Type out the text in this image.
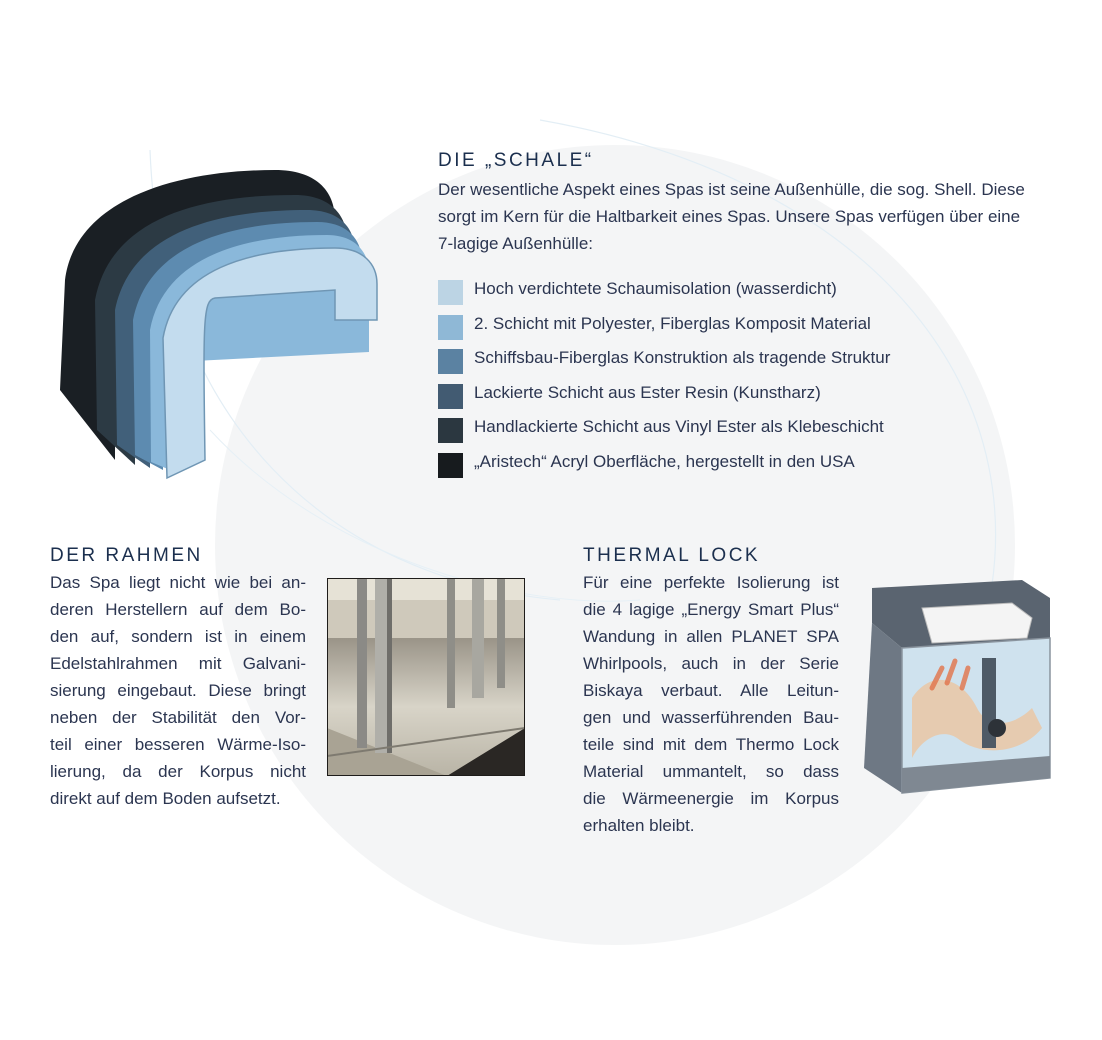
DIE „SCHALE“

Der wesentliche Aspekt eines Spas ist seine Außenhülle, die sog. Shell. Diese
sorgt im Kern für die Haltbarkeit eines Spas. Unsere Spas verfügen über eine
7-lagige Außenhülle:

Hoch verdichtete Schaumisolation (wasserdicht)
2. Schicht mit Polyester, Fiberglas Komposit Material
Schiffsbau-Fiberglas Konstruktion als tragende Struktur
Lackierte Schicht aus Ester Resin (Kunstharz)
Handlackierte Schicht aus Vinyl Ester als Klebeschicht
„Aristech“ Acryl Oberfläche, hergestellt in den USA
DER RAHMEN
Das Spa liegt nicht wie bei an-
deren Herstellern auf dem Bo-
den auf, sondern ist in einem
Edelstahlrahmen mit Galvani-
sierung eingebaut. Diese bringt
neben der Stabilität den Vor-
teil einer besseren Wärme-Iso-
lierung, da der Korpus nicht
direkt auf dem Boden aufsetzt.
THERMAL LOCK
Für eine perfekte Isolierung ist
die 4 lagige „Energy Smart Plus“
Wandung in allen PLANET SPA
Whirlpools, auch in der Serie
Biskaya verbaut. Alle Leitun-
gen und wasserführenden Bau-
teile sind mit dem Thermo Lock
Material ummantelt, so dass
die Wärmeenergie im Korpus
erhalten bleibt.
